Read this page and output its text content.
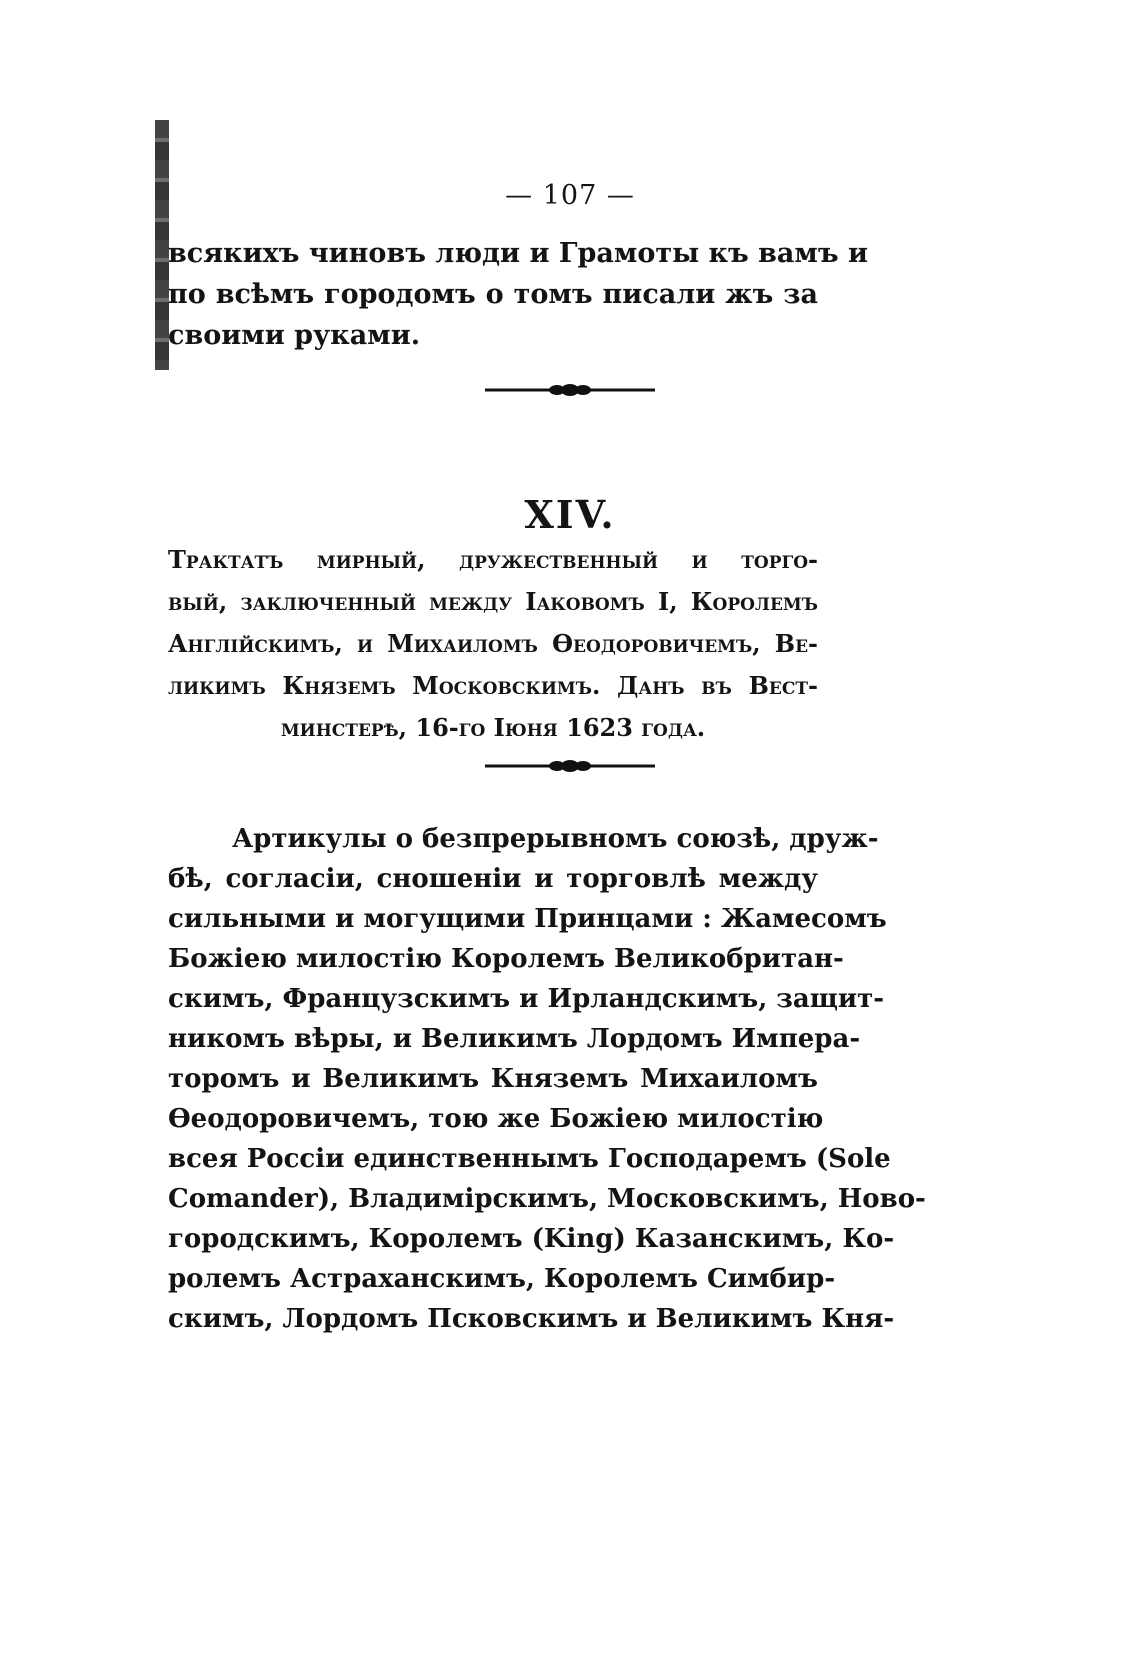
— 107 —
всякихъ чиновъ люди и Грамоты къ вамъ и
по всѣмъ городомъ о томъ писали жъ за
своими руками.
XIV.
Трактатъ мирный, дружественный и торго-
вый, заключенный между Іаковомъ I, Королемъ
Англійскимъ, и Михаиломъ Ѳеодоровичемъ, Ве-
ликимъ Княземъ Московскимъ. Данъ въ Вест-
минстерѣ, 16-го Іюня 1623 года.
Артикулы о безпрерывномъ союзѣ, друж-
бѣ, согласіи, сношеніи и торговлѣ между
сильными и могущими Принцами : Жамесомъ
Божіею милостію Королемъ Великобритан-
скимъ, Французскимъ и Ирландскимъ, защит-
никомъ вѣры, и Великимъ Лордомъ Импера-
торомъ и Великимъ Княземъ Михаиломъ
Ѳеодоровичемъ, тою же Божіею милостію
всея Россіи единственнымъ Господаремъ (Sole
Comander), Владимірскимъ, Московскимъ, Ново-
городскимъ, Королемъ (King) Казанскимъ, Ко-
ролемъ Астраханскимъ, Королемъ Симбир-
скимъ, Лордомъ Псковскимъ и Великимъ Кня-
